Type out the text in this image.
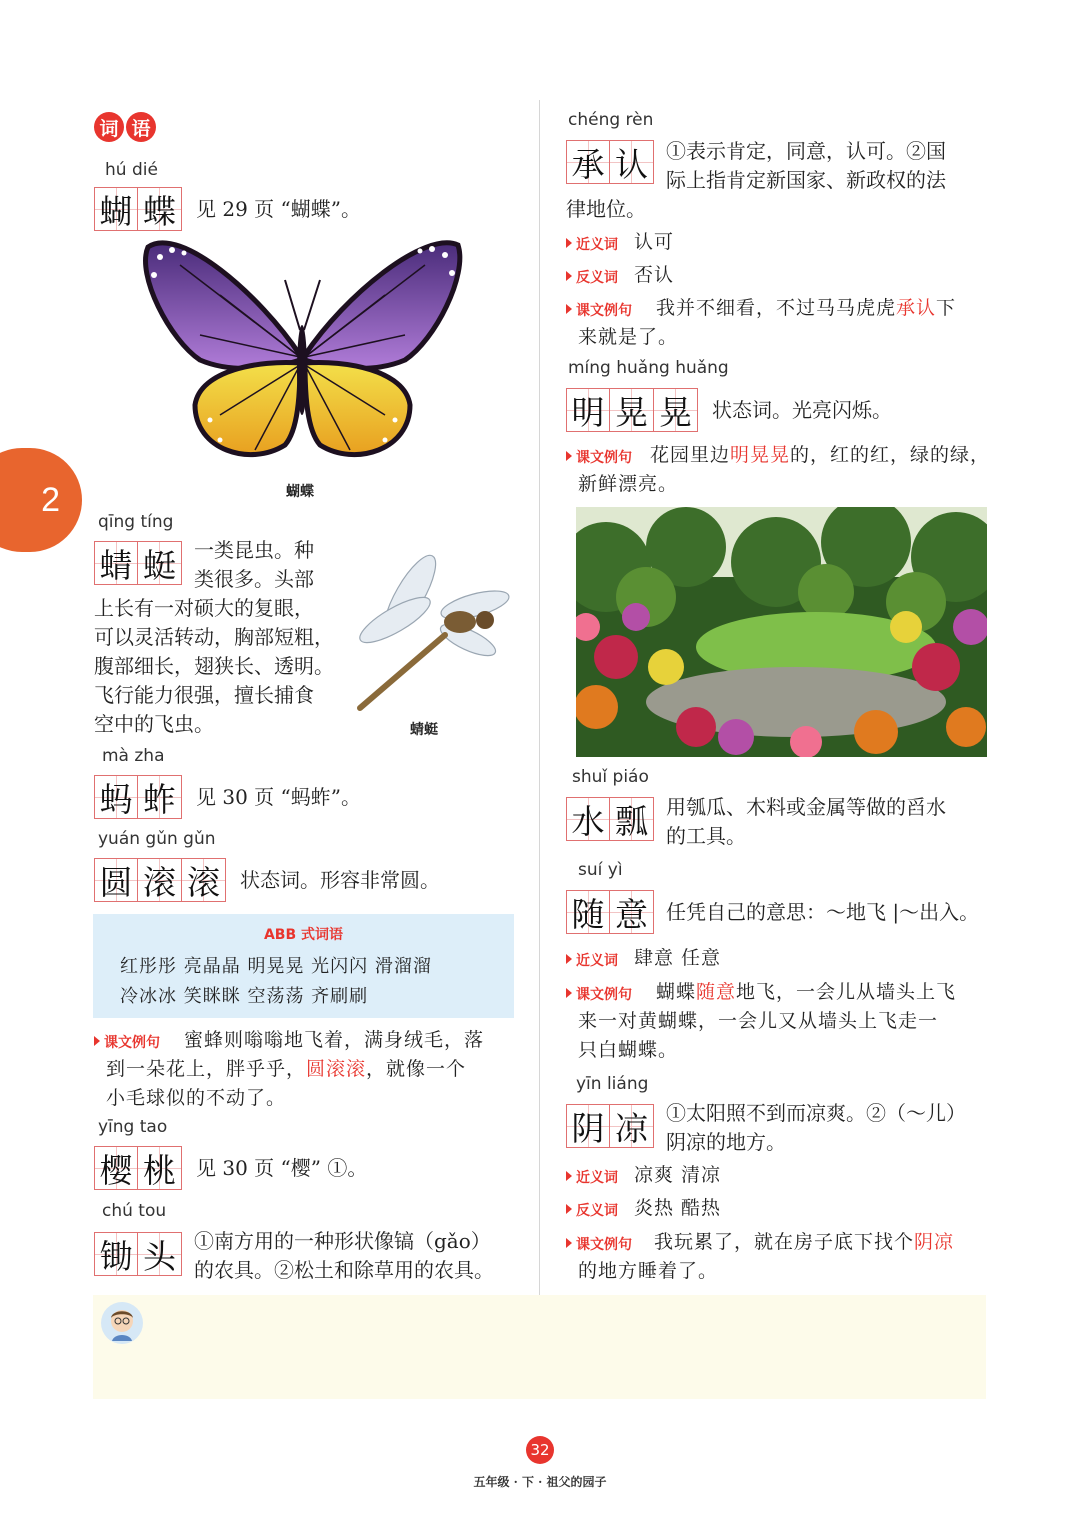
2
词 语
hú dié
蝴 蝶	见 29 页 “蝴蝶”。
蝴蝶
qīng tíng
蜻 蜓 一类昆虫。种
类很多。头部
上长有一对硕大的复眼，
可以灵活转动，胸部短粗，
腹部细长，翅狭长、透明。
飞行能力很强，擅长捕食
空中的飞虫。	蜻蜓
mà zha
蚂 蚱	见 30 页 “蚂蚱”。
yuán gǔn gǔn
圆 滚 滚	状态词。形容非常圆。
ABB 式词语
红彤彤 亮晶晶 明晃晃 光闪闪 滑溜溜
冷冰冰 笑眯眯 空荡荡 齐刷刷
课文例句 蜜蜂则嗡嗡地飞着，满身绒毛，落
到一朵花上，胖乎乎，圆滚滚，就像一个
小毛球似的不动了。
yīng tao
樱 桃	见 30 页 “樱” ①。
chú tou
锄 头 ①南方用的一种形状像镐（gǎo）
的农具。②松土和除草用的农具。
chéng rèn
承 认 ①表示肯定，同意，认可。②国
际上指肯定新国家、新政权的法
律地位。
近义词 认可
反义词 否认
课文例句 我并不细看，不过马马虎虎承认下
来就是了。
míng huǎng huǎng
明 晃 晃	状态词。光亮闪烁。
课文例句 花园里边明晃晃的，红的红，绿的绿，
新鲜漂亮。
shuǐ piáo
水 瓢 用瓠瓜、木料或金属等做的舀水
的工具。
suí yì
随 意 任凭自己的意思：～地飞 |～出入。
近义词 肆意 任意
课文例句 蝴蝶随意地飞，一会儿从墙头上飞
来一对黄蝴蝶，一会儿又从墙头上飞走一
只白蝴蝶。
yīn liáng
阴 凉 ①太阳照不到而凉爽。②（～儿）
阴凉的地方。
近义词 凉爽 清凉
反义词 炎热 酷热
课文例句 我玩累了，就在房子底下找个阴凉
的地方睡着了。
32
五年级 · 下 · 祖父的园子
